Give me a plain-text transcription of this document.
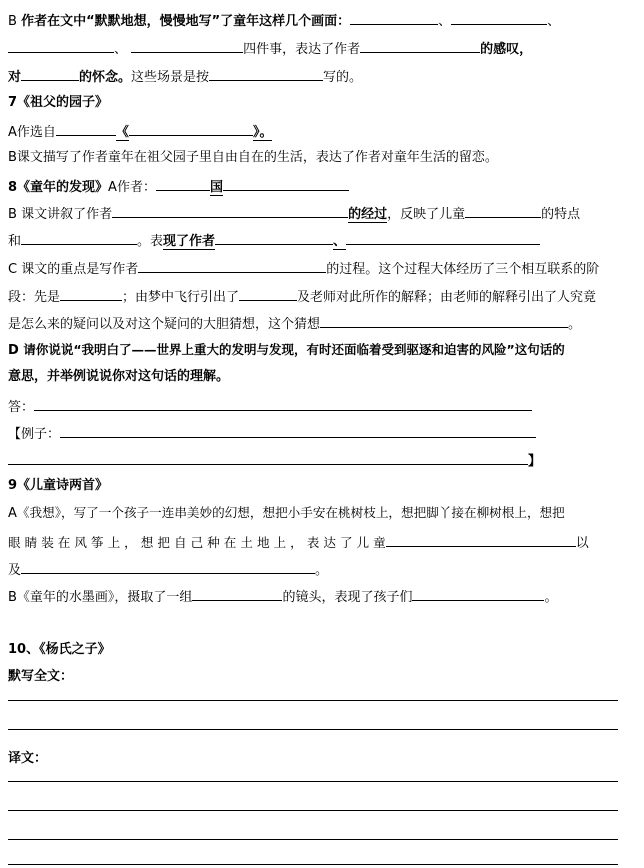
B 作者在文中“默默地想，慢慢地写”了童年这样几个画面：	、	、
、	四件事，表达了作者	的感叹，
对	的怀念。这些场景是按	写的。
7《祖父的园子》
A作选自	《	》。
B课文描写了作者童年在祖父园子里自由自在的生活，表达了作者对童年生活的留恋。
8《童年的发现》A作者：	国
B 课文讲叙了作者	的经过，反映了儿童	的特点
和	。表现了作者	、
C 课文的重点是写作者	的过程。这个过程大体经历了三个相互联系的阶
段：先是	；由梦中飞行引出了	及老师对此所作的解释；由老师的解释引出了人究竟
是怎么来的疑问以及对这个疑问的大胆猜想，这个猜想	。
D 请你说说“我明白了——世界上重大的发明与发现，有时还面临着受到驱逐和迫害的风险”这句话的
意思，并举例说说你对这句话的理解。
答：
【例子：
】
9《儿童诗两首》
A《我想》，写了一个孩子一连串美妙的幻想，想把小手安在桃树枝上，想把脚丫接在柳树根上，想把
眼 睛 装 在 风 筝 上 ， 想 把 自 己 种 在 土 地 上 ， 表 达 了 儿 童	以
及	。
B《童年的水墨画》，摄取了一组	的镜头，表现了孩子们	。
10、《杨氏之子》
默写全文：
译文：
